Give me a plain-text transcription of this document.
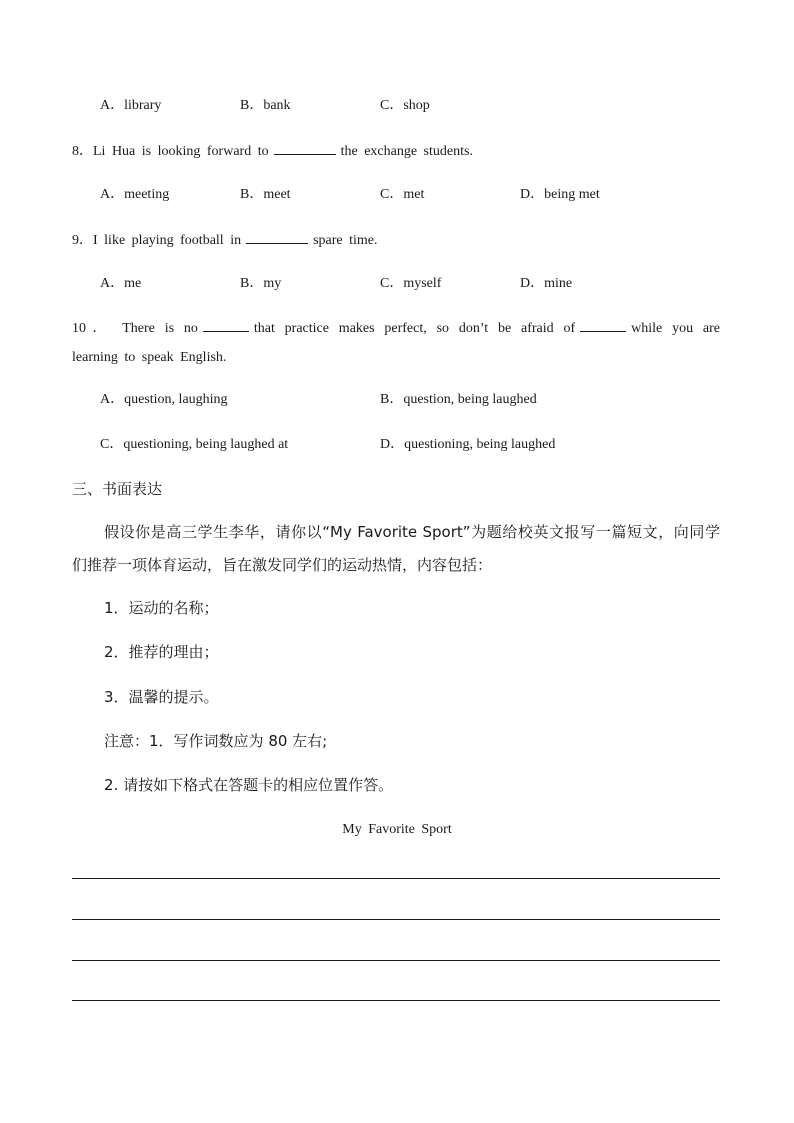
A．library	B．bank	C．shop
8．Li Hua is looking forward to	the exchange students.
A．meeting	B．meet	C．met	D．being met
9．I like playing football in	spare time.
A．me	B．my	C．myself	D．mine
10． There is no	that practice makes perfect, so don’t be afraid of	while you are
learning to speak English.
A．question, laughing	B．question, being laughed
C．questioning, being laughed at	D．questioning, being laughed
三、书面表达
假设你是高三学生李华，请你以“My Favorite Sport”为题给校英文报写一篇短文，向同学
们推荐一项体育运动，旨在激发同学们的运动热情，内容包括：
1．运动的名称；
2．推荐的理由；
3．温馨的提示。
注意：1．写作词数应为 80 左右;
2. 请按如下格式在答题卡的相应位置作答。
My Favorite Sport
